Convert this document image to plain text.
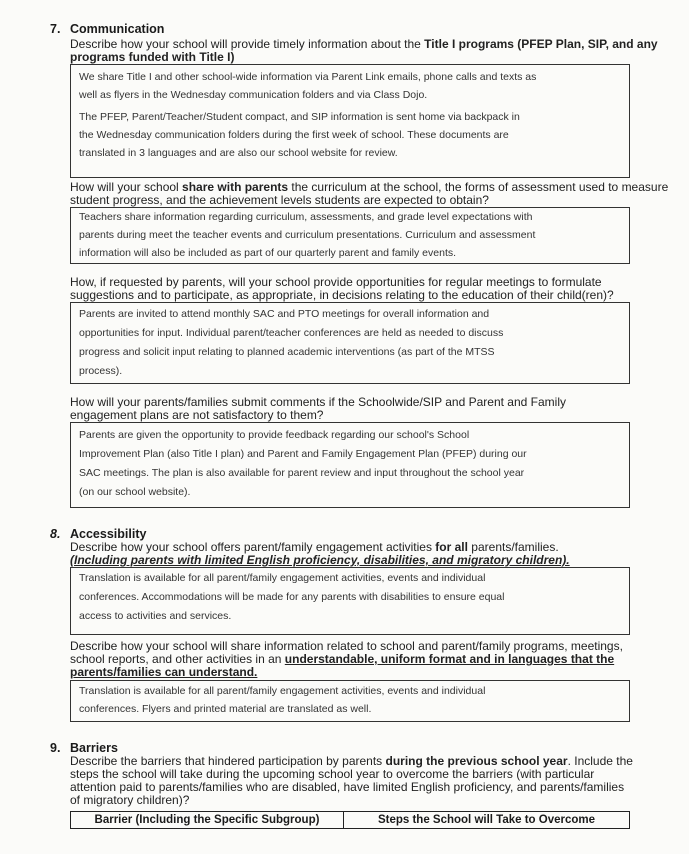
7. Communication
Describe how your school will provide timely information about the Title I programs (PFEP Plan, SIP, and any programs funded with Title I)

We share Title I and other school-wide information via Parent Link emails, phone calls and texts as

well as flyers in the Wednesday communication folders and via Class Dojo.

The PFEP, Parent/Teacher/Student compact, and SIP information is sent home via backpack in

the Wednesday communication folders during the first week of school. These documents are

translated in 3 languages and are also our school website for review.

How will your school share with parents the curriculum at the school, the forms of assessment used to measure student progress, and the achievement levels students are expected to obtain?

Teachers share information regarding curriculum, assessments, and grade level expectations with

parents during meet the teacher events and curriculum presentations. Curriculum and assessment

information will also be included as part of our quarterly parent and family events.

How, if requested by parents, will your school provide opportunities for regular meetings to formulate suggestions and to participate, as appropriate, in decisions relating to the education of their child(ren)?

Parents are invited to attend monthly SAC and PTO meetings for overall information and

opportunities for input. Individual parent/teacher conferences are held as needed to discuss

progress and solicit input relating to planned academic interventions (as part of the MTSS

process).

How will your parents/families submit comments if the Schoolwide/SIP and Parent and Family engagement plans are not satisfactory to them?

Parents are given the opportunity to provide feedback regarding our school's School

Improvement Plan (also Title I plan) and Parent and Family Engagement Plan (PFEP) during our

SAC meetings. The plan is also available for parent review and input throughout the school year

(on our school website).

8. Accessibility
Describe how your school offers parent/family engagement activities for all parents/families.
(Including parents with limited English proficiency, disabilities, and migratory children).

Translation is available for all parent/family engagement activities, events and individual

conferences. Accommodations will be made for any parents with disabilities to ensure equal

access to activities and services.

Describe how your school will share information related to school and parent/family programs, meetings, school reports, and other activities in an understandable, uniform format and in languages that the parents/families can understand.

Translation is available for all parent/family engagement activities, events and individual

conferences. Flyers and printed material are translated as well.

9. Barriers
Describe the barriers that hindered participation by parents during the previous school year. Include the steps the school will take during the upcoming school year to overcome the barriers (with particular attention paid to parents/families who are disabled, have limited English proficiency, and parents/families of migratory children)?
Barrier (Including the Specific Subgroup)	Steps the School will Take to Overcome
